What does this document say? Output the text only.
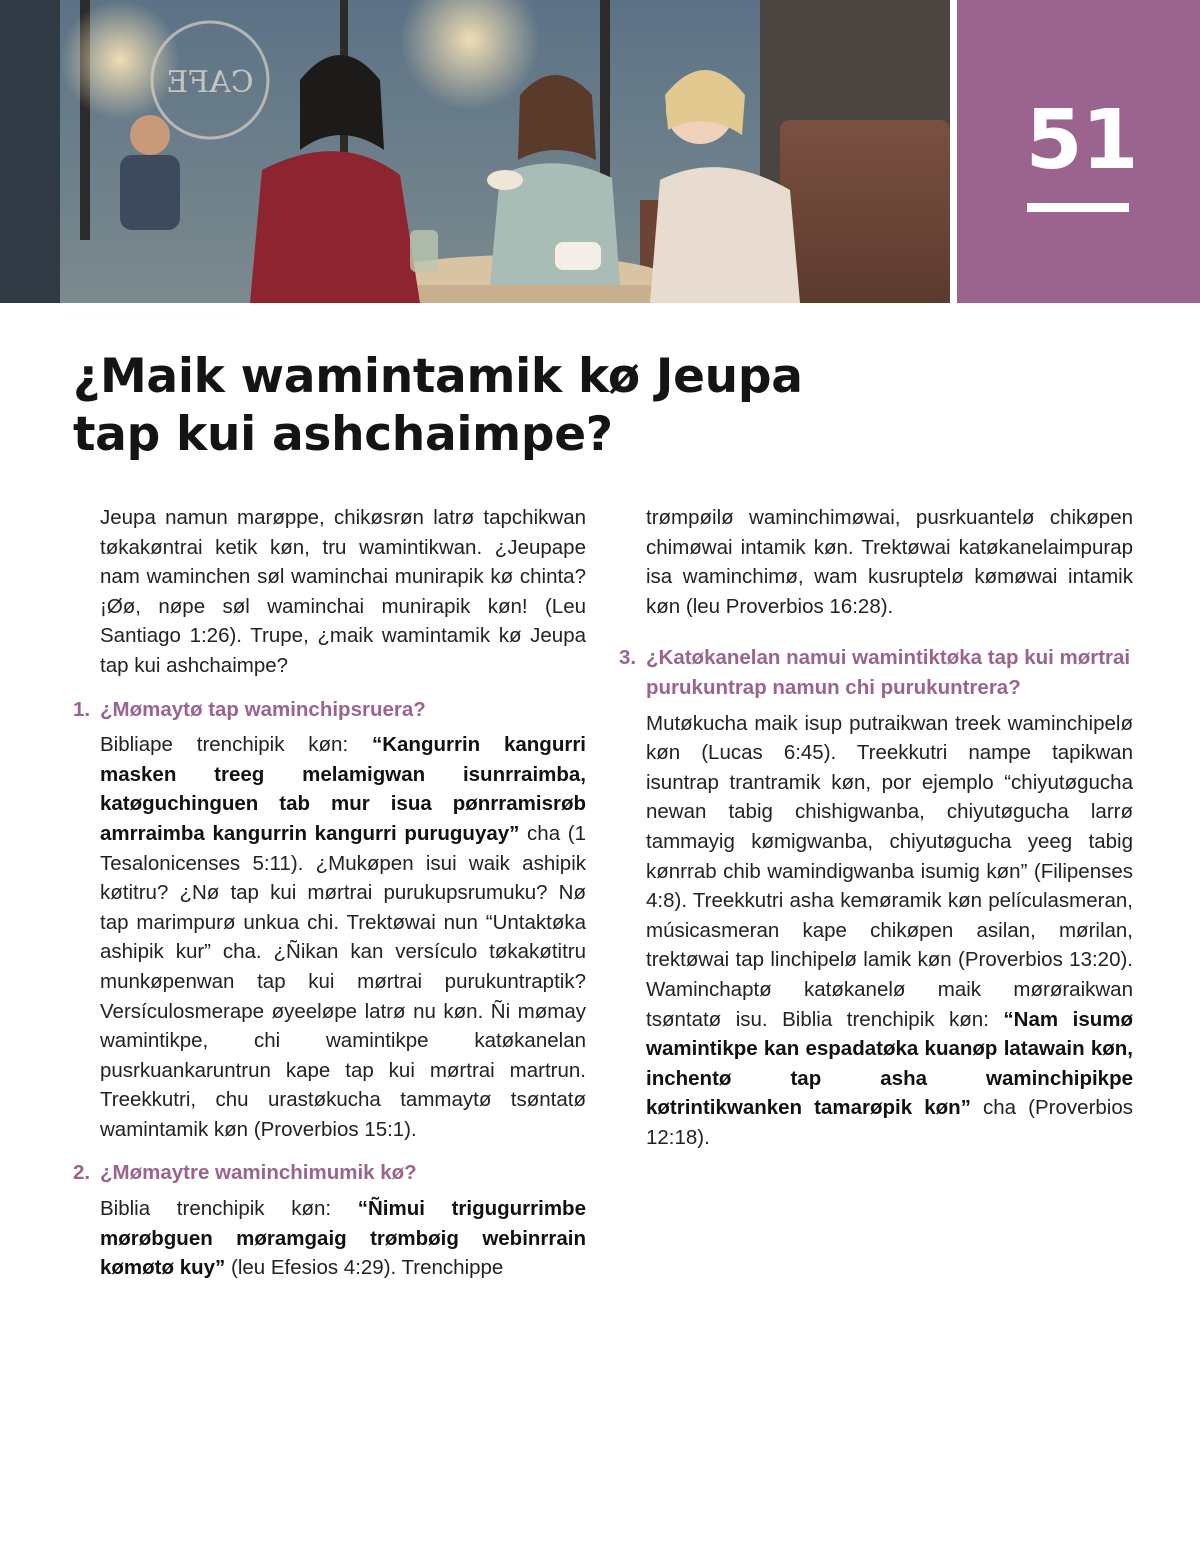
CAFE
51
¿Maik wamintamik kø Jeupa
tap kui ashchaimpe?

Jeupa namun marøppe, chikøsrøn latrø tapchikwan tøkakøntrai ketik køn, tru wamintikwan. ¿Jeupape nam waminchen søl waminchai munirapik kø chinta? ¡Øø, nøpe søl waminchai munirapik køn! (Leu Santiago 1:26). Trupe, ¿maik wamintamik kø Jeupa tap kui ashchaimpe?

1. ¿Mømaytø tap waminchipsruera?

Bibliape trenchipik køn: “Kangurrin kangurri masken treeg melamigwan isunrraimba, katøguchinguen tab mur isua pønrramisrøb amrraimba kangurrin kangurri puruguyay” cha (1 Tesalonicenses 5:11). ¿Mukøpen isui waik ashipik køtitru? ¿Nø tap kui mørtrai purukupsrumuku? Nø tap marimpurø unkua chi. Trektøwai nun “Untaktøka ashipik kur” cha. ¿Ñikan kan versículo tøkakøtitru munkøpenwan tap kui mørtrai purukuntraptik? Versículosmerape øyeeløpe latrø nu køn. Ñi mømay wamintikpe, chi wamintikpe katøkanelan pusrkuankaruntrun kape tap kui mørtrai martrun. Treekkutri, chu urastøkucha tammaytø tsøntatø wamintamik køn (Proverbios 15:1).

2. ¿Mømaytre waminchimumik kø?

Biblia trenchipik køn: “Ñimui trigugurrimbe mørøbguen møramgaig trømbøig webinrrain kømøtø kuy” (leu Efesios 4:29). Trenchippe

trømpøilø waminchimøwai, pusrkuantelø chikøpen chimøwai intamik køn. Trektøwai katøkanelaimpurap isa waminchimø, wam kusruptelø kømøwai intamik køn (leu Proverbios 16:28).

3. ¿Katøkanelan namui wamintiktøka tap kui mørtrai purukuntrap namun chi purukuntrera?

Mutøkucha maik isup putraikwan treek waminchipelø køn (Lucas 6:45). Treekkutri nampe tapikwan isuntrap trantramik køn, por ejemplo “chiyutøgucha newan tabig chishigwanba, chiyutøgucha larrø tammayig kømigwanba, chiyutøgucha yeeg tabig kønrrab chib wamindigwanba isumig køn” (Filipenses 4:8). Treekkutri asha kemøramik køn películasmeran, músicasmeran kape chikøpen asilan, mørilan, trektøwai tap linchipelø lamik køn (Proverbios 13:20). Waminchaptø katøkanelø maik mørøraikwan tsøntatø isu. Biblia trenchipik køn: “Nam isumø wamintikpe kan espadatøka kuanøp latawain køn, inchentø tap asha waminchipikpe køtrintikwanken tamarøpik køn” cha (Proverbios 12:18).
